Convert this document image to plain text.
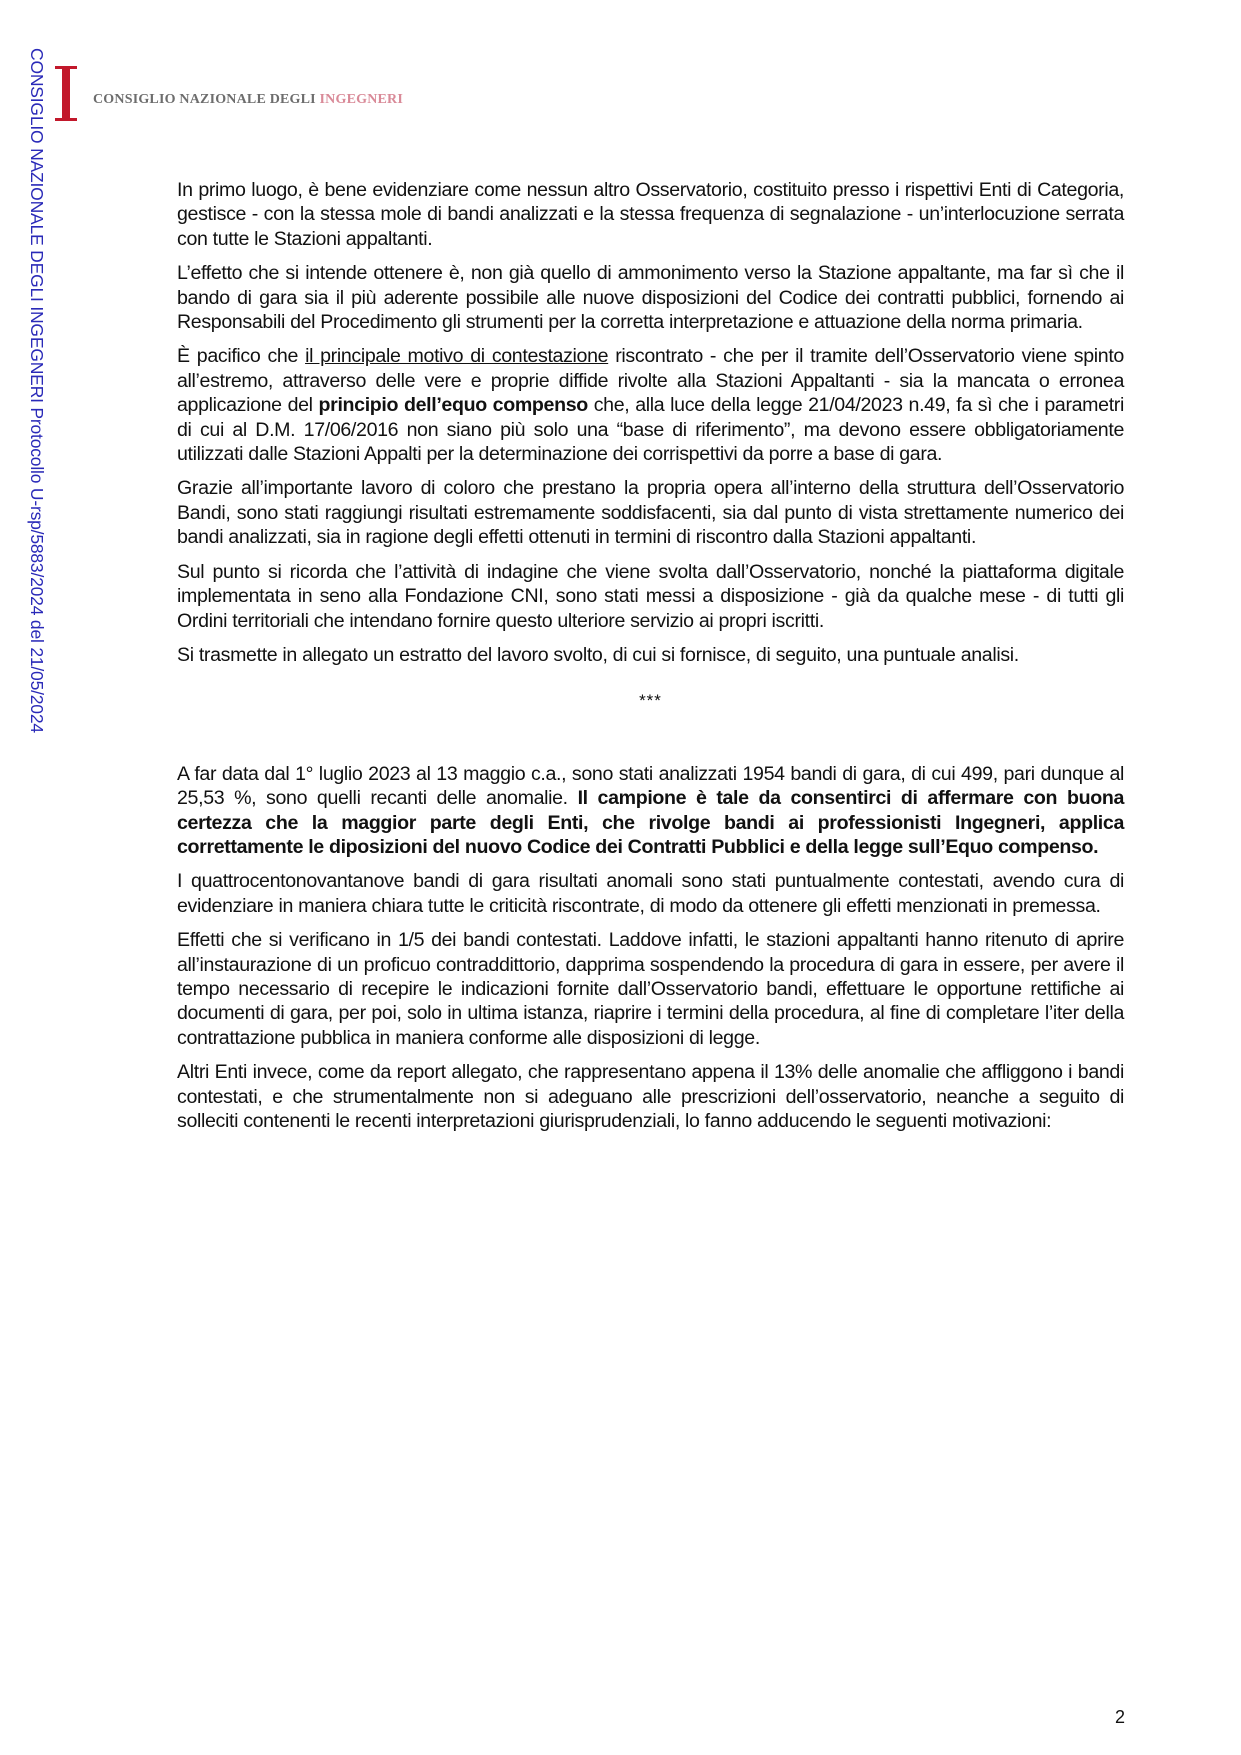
CONSIGLIO NAZIONALE DEGLI INGEGNERI Protocollo U-rsp/5883/2024 del 21/05/2024	CONSIGLIO NAZIONALE DEGLI INGEGNERI

In primo luogo, è bene evidenziare come nessun altro Osservatorio, costituito presso i rispettivi Enti di Categoria, gestisce - con la stessa mole di bandi analizzati e la stessa frequenza di segnalazione - un’interlocuzione serrata con tutte le Stazioni appaltanti.

L’effetto che si intende ottenere è, non già quello di ammonimento verso la Stazione appaltante, ma far sì che il bando di gara sia il più aderente possibile alle nuove disposizioni del Codice dei contratti pubblici, fornendo ai Responsabili del Procedimento gli strumenti per la corretta interpretazione e attuazione della norma primaria.

È pacifico che il principale motivo di contestazione riscontrato - che per il tramite dell’Osservatorio viene spinto all’estremo, attraverso delle vere e proprie diffide rivolte alla Stazioni Appaltanti - sia la mancata o erronea applicazione del principio dell’equo compenso che, alla luce della legge 21/04/2023 n.49, fa sì che i parametri di cui al D.M. 17/06/2016 non siano più solo una “base di riferimento”, ma devono essere obbligatoriamente utilizzati dalle Stazioni Appalti per la determinazione dei corrispettivi da porre a base di gara.

Grazie all’importante lavoro di coloro che prestano la propria opera all’interno della struttura dell’Osservatorio Bandi, sono stati raggiungi risultati estremamente soddisfacenti, sia dal punto di vista strettamente numerico dei bandi analizzati, sia in ragione degli effetti ottenuti in termini di riscontro dalla Stazioni appaltanti.

Sul punto si ricorda che l’attività di indagine che viene svolta dall’Osservatorio, nonché la piattaforma digitale implementata in seno alla Fondazione CNI, sono stati messi a disposizione - già da qualche mese - di tutti gli Ordini territoriali che intendano fornire questo ulteriore servizio ai propri iscritti.

Si trasmette in allegato un estratto del lavoro svolto, di cui si fornisce, di seguito, una puntuale analisi.

***

A far data dal 1° luglio 2023 al 13 maggio c.a., sono stati analizzati 1954 bandi di gara, di cui 499, pari dunque al 25,53 %, sono quelli recanti delle anomalie. Il campione è tale da consentirci di affermare con buona certezza che la maggior parte degli Enti, che rivolge bandi ai professionisti Ingegneri, applica correttamente le diposizioni del nuovo Codice dei Contratti Pubblici e della legge sull’Equo compenso.

I quattrocentonovantanove bandi di gara risultati anomali sono stati puntualmente contestati, avendo cura di evidenziare in maniera chiara tutte le criticità riscontrate, di modo da ottenere gli effetti menzionati in premessa.

Effetti che si verificano in 1/5 dei bandi contestati. Laddove infatti, le stazioni appaltanti hanno ritenuto di aprire all’instaurazione di un proficuo contraddittorio, dapprima sospendendo la procedura di gara in essere, per avere il tempo necessario di recepire le indicazioni fornite dall’Osservatorio bandi, effettuare le opportune rettifiche ai documenti di gara, per poi, solo in ultima istanza, riaprire i termini della procedura, al fine di completare l’iter della contrattazione pubblica in maniera conforme alle disposizioni di legge.

Altri Enti invece, come da report allegato, che rappresentano appena il 13% delle anomalie che affliggono i bandi contestati, e che strumentalmente non si adeguano alle prescrizioni dell’osservatorio, neanche a seguito di solleciti contenenti le recenti interpretazioni giurisprudenziali, lo fanno adducendo le seguenti motivazioni:

2
